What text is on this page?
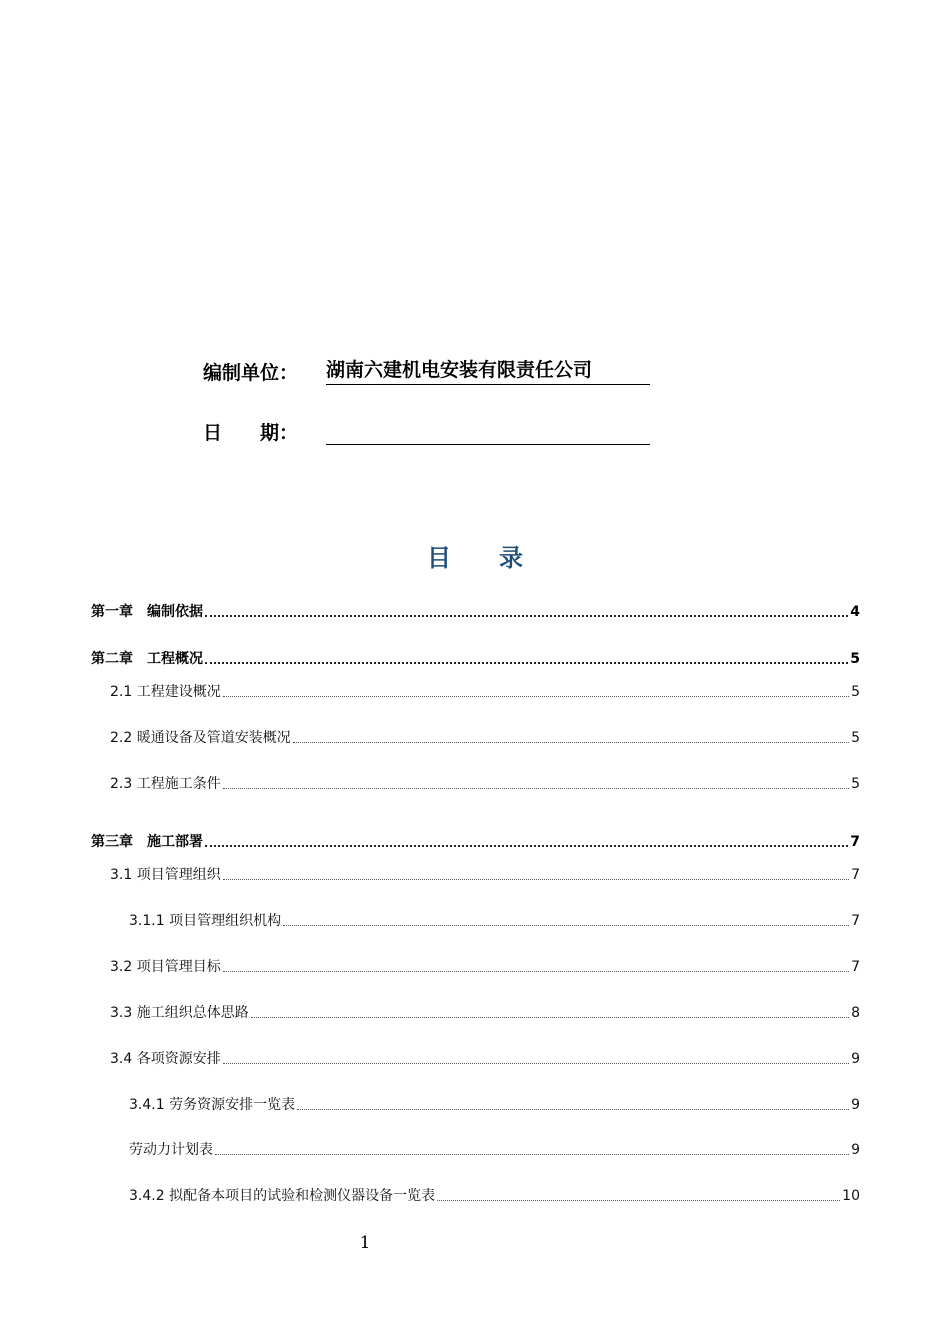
编制单位： 湖南六建机电安装有限责任公司
日　　期：
目　　录
第一章　编制依据	4
第二章　工程概况	5
2.1 工程建设概况	5
2.2 暖通设备及管道安装概况	5
2.3 工程施工条件	5
第三章　施工部署	7
3.1 项目管理组织	7
3.1.1 项目管理组织机构	7
3.2 项目管理目标	7
3.3 施工组织总体思路	8
3.4 各项资源安排	9
3.4.1 劳务资源安排一览表	9
劳动力计划表	9
3.4.2 拟配备本项目的试验和检测仪器设备一览表	10
1
